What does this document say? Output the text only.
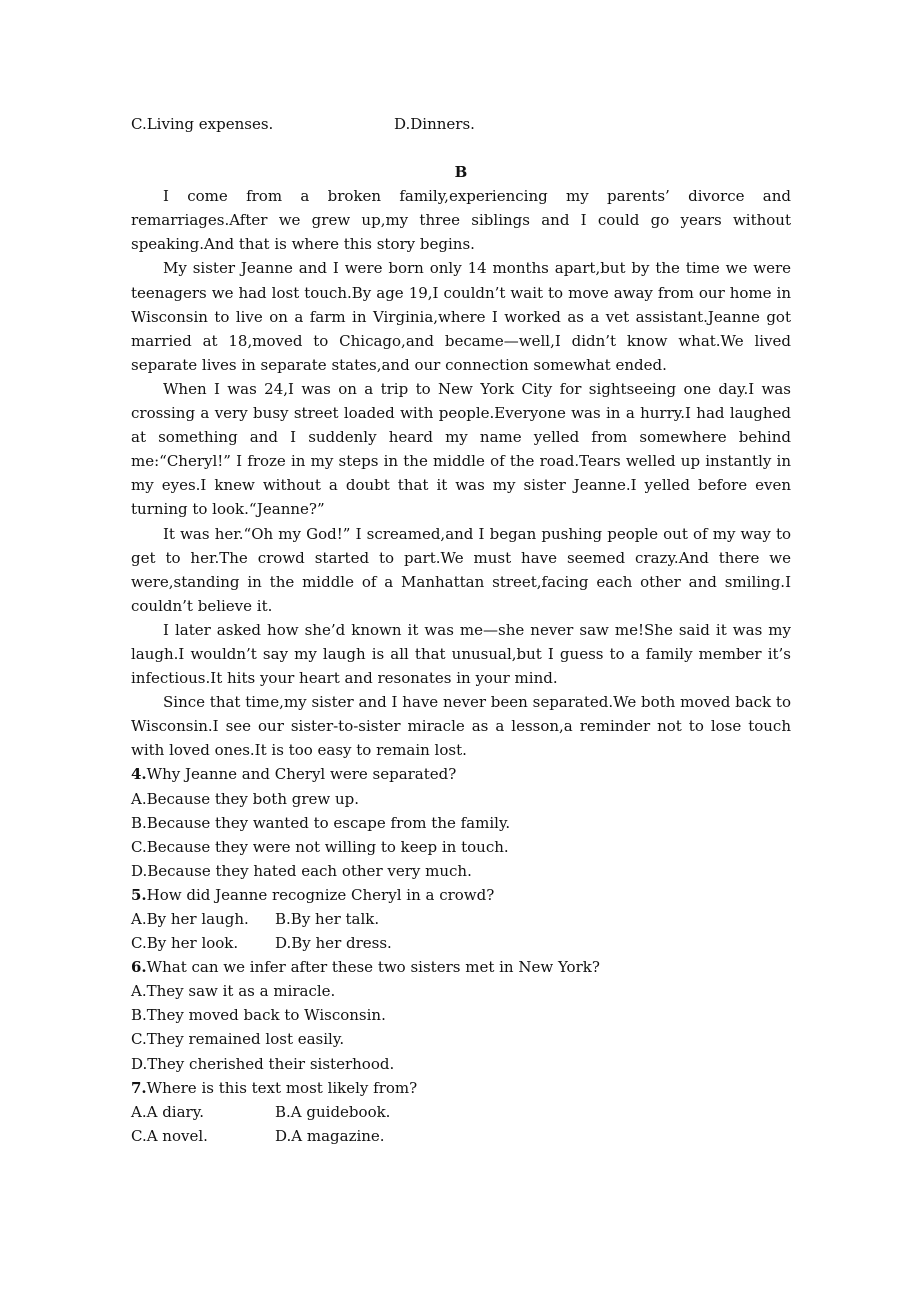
C.Living expenses.	D.Dinners.
B
I come from a broken family,experiencing my parents’ divorce and remarriages.After we grew up,my three siblings and I could go years without speaking.And that is where this story begins.
My sister Jeanne and I were born only 14 months apart,but by the time we were teenagers we had lost touch.By age 19,I couldn’t wait to move away from our home in Wisconsin to live on a farm in Virginia,where I worked as a vet assistant.Jeanne got married at 18,moved to Chicago,and became—well,I didn’t know what.We lived separate lives in separate states,and our connection somewhat ended.
When I was 24,I was on a trip to New York City for sightseeing one day.I was crossing a very busy street loaded with people.Everyone was in a hurry.I had laughed at something and I suddenly heard my name yelled from somewhere behind me:“Cheryl!” I froze in my steps in the middle of the road.Tears welled up instantly in my eyes.I knew without a doubt that it was my sister Jeanne.I yelled before even turning to look.“Jeanne?”
It was her.“Oh my God!” I screamed,and I began pushing people out of my way to get to her.The crowd started to part.We must have seemed crazy.And there we were,standing in the middle of a Manhattan street,facing each other and smiling.I couldn’t believe it.
I later asked how she’d known it was me—she never saw me!She said it was my laugh.I wouldn’t say my laugh is all that unusual,but I guess to a family member it’s infectious.It hits your heart and resonates in your mind.
Since that time,my sister and I have never been separated.We both moved back to Wisconsin.I see our sister-to-sister miracle as a lesson,a reminder not to lose touch with loved ones.It is too easy to remain lost.
4.Why Jeanne and Cheryl were separated?
A.Because they both grew up.
B.Because they wanted to escape from the family.
C.Because they were not willing to keep in touch.
D.Because they hated each other very much.
5.How did Jeanne recognize Cheryl in a crowd?
A.By her laugh.	B.By her talk.
C.By her look.	D.By her dress.
6.What can we infer after these two sisters met in New York?
A.They saw it as a miracle.
B.They moved back to Wisconsin.
C.They remained lost easily.
D.They cherished their sisterhood.
7.Where is this text most likely from?
A.A diary.	B.A guidebook.
C.A novel.	D.A magazine.
